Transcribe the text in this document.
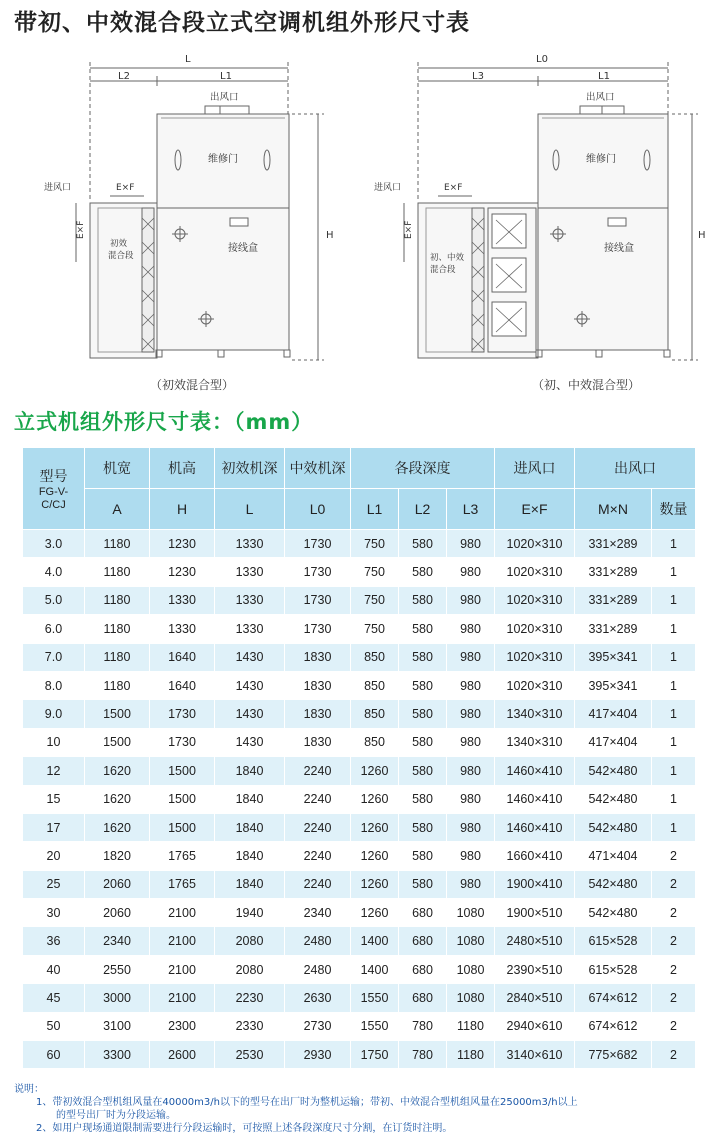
带初、中效混合段立式空调机组外形尺寸表
L
L2	L1
出风口
维修门
进风口	E×F
接线盒
初效
混合段
H
E×F
（初效混合型）
L0
L3	L1
出风口
维修门
进风口	E×F
接线盒
初、中效
混合段
H
E×F
（初、中效混合型）
立式机组外形尺寸表：（mm）
型号
FG-V-
C/CJ	机宽	机高	初效机深	中效机深	各段深度			进风口	出风口	
	A	H	L	L0	L1	L2	L3	E×F	M×N	数量
3.0	1180	1230	1330	1730	750	580	980	1020×310	331×289	1
4.0	1180	1230	1330	1730	750	580	980	1020×310	331×289	1
5.0	1180	1330	1330	1730	750	580	980	1020×310	331×289	1
6.0	1180	1330	1330	1730	750	580	980	1020×310	331×289	1
7.0	1180	1640	1430	1830	850	580	980	1020×310	395×341	1
8.0	1180	1640	1430	1830	850	580	980	1020×310	395×341	1
9.0	1500	1730	1430	1830	850	580	980	1340×310	417×404	1
10	1500	1730	1430	1830	850	580	980	1340×310	417×404	1
12	1620	1500	1840	2240	1260	580	980	1460×410	542×480	1
15	1620	1500	1840	2240	1260	580	980	1460×410	542×480	1
17	1620	1500	1840	2240	1260	580	980	1460×410	542×480	1
20	1820	1765	1840	2240	1260	580	980	1660×410	471×404	2
25	2060	1765	1840	2240	1260	580	980	1900×410	542×480	2
30	2060	2100	1940	2340	1260	680	1080	1900×510	542×480	2
36	2340	2100	2080	2480	1400	680	1080	2480×510	615×528	2
40	2550	2100	2080	2480	1400	680	1080	2390×510	615×528	2
45	3000	2100	2230	2630	1550	680	1080	2840×510	674×612	2
50	3100	2300	2330	2730	1550	780	1180	2940×610	674×612	2
60	3300	2600	2530	2930	1750	780	1180	3140×610	775×682	2
说明：
1、带初效混合型机组风量在40000m3/h以下的型号在出厂时为整机运输；带初、中效混合型机组风量在25000m3/h以上
的型号出厂时为分段运输。
2、如用户现场通道限制需要进行分段运输时，可按照上述各段深度尺寸分割，在订货时注明。
